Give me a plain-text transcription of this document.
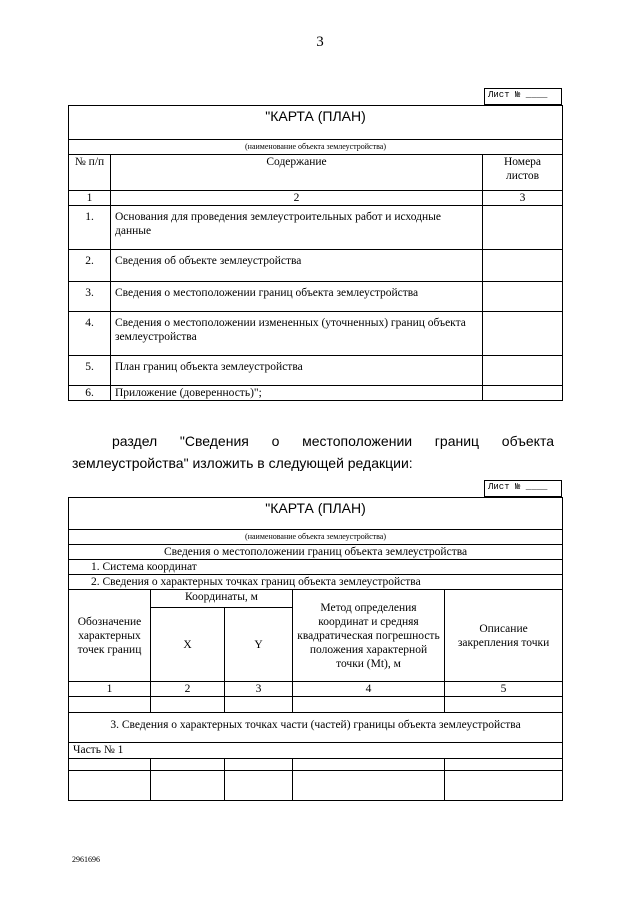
3
Лист № ____
"КАРТА (ПЛАН)		
(наименование объекта землеустройства)		
№ п/п	Содержание	Номера листов
1	2	3
1.	Основания для проведения землеустроительных работ и исходные данные	
2.	Сведения об объекте землеустройства	
3.	Сведения о местоположении границ объекта землеустройства	
4.	Сведения о местоположении измененных (уточненных) границ объекта землеустройства	
5.	План границ объекта землеустройства	
6.	Приложение (доверенность)";	
раздел "Сведения о местоположении границ объекта
землеустройства" изложить в следующей редакции:
Лист № ____
"КАРТА (ПЛАН)				
(наименование объекта землеустройства)				
Сведения о местоположении границ объекта землеустройства				
1. Система координат				
2. Сведения о характерных точках границ объекта землеустройства				
Обозначение характерных точек границ	Координаты, м		Метод определения координат и средняя квадратическая погрешность положения характерной точки (Mt), м	Описание закрепления точки
	X	Y		
1	2	3	4	5

3. Сведения о характерных точках части (частей) границы объекта землеустройства				
Часть № 1				

2961696
